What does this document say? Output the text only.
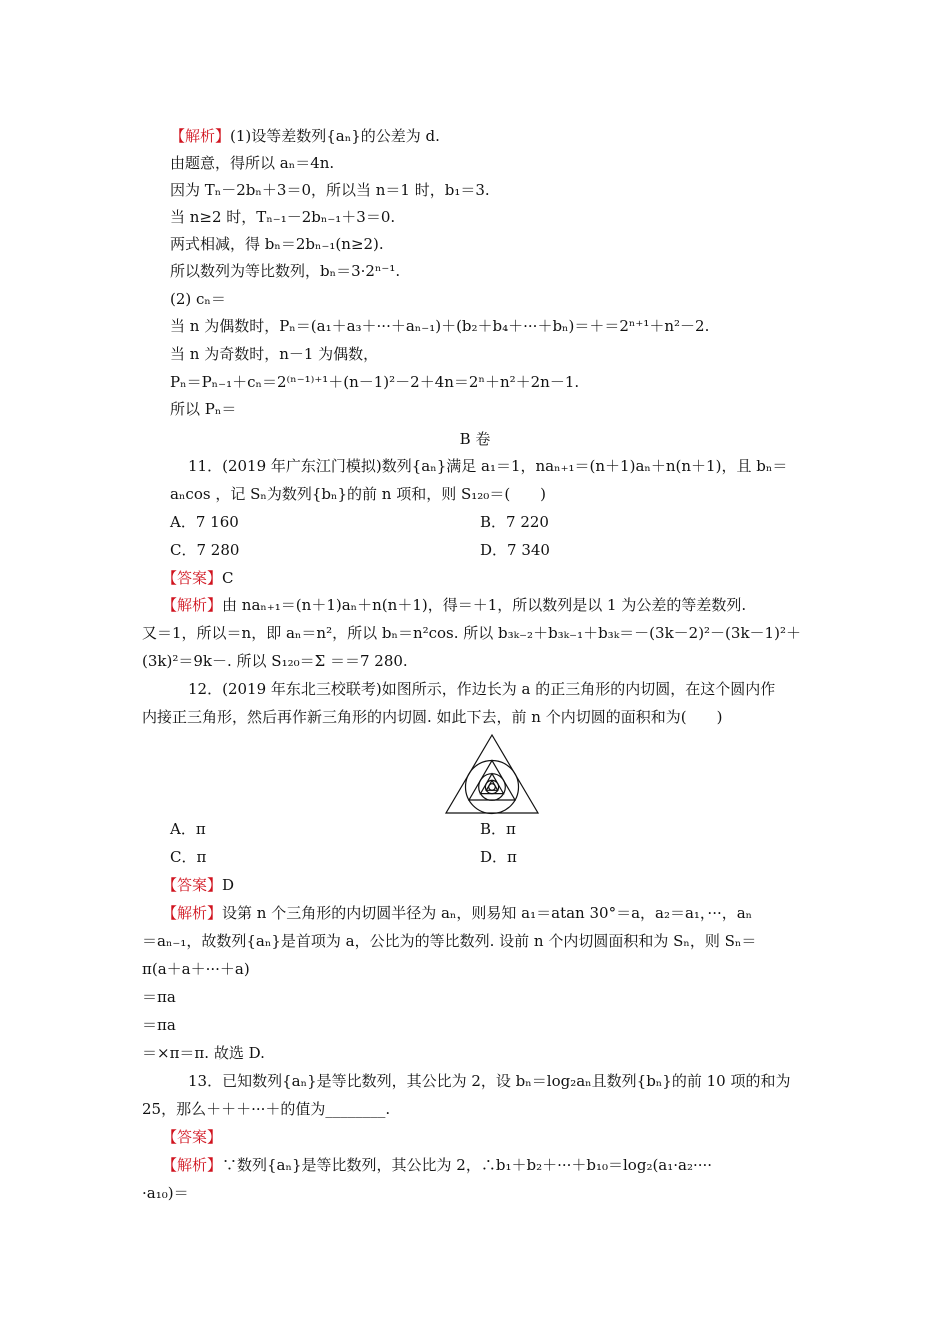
【解析】(1)设等差数列{aₙ}的公差为 d.
由题意，得所以 aₙ＝4n.
因为 Tₙ－2bₙ＋3＝0，所以当 n＝1 时，b₁＝3.
当 n≥2 时，Tₙ₋₁－2bₙ₋₁＋3＝0.
两式相减，得 bₙ＝2bₙ₋₁(n≥2).
所以数列为等比数列，bₙ＝3·2ⁿ⁻¹.
(2) cₙ＝
当 n 为偶数时，Pₙ＝(a₁＋a₃＋···＋aₙ₋₁)＋(b₂＋b₄＋···＋bₙ)＝＋＝2ⁿ⁺¹＋n²－2.
当 n 为奇数时，n－1 为偶数，
Pₙ＝Pₙ₋₁＋cₙ＝2⁽ⁿ⁻¹⁾⁺¹＋(n－1)²－2＋4n＝2ⁿ＋n²＋2n－1.
所以 Pₙ＝
B 卷
11．(2019 年广东江门模拟)数列{aₙ}满足 a₁＝1，naₙ₊₁＝(n＋1)aₙ＋n(n＋1)，且 bₙ＝
aₙcos ，记 Sₙ为数列{bₙ}的前 n 项和，则 S₁₂₀＝(　　)
A．7 160	B．7 220
C．7 280	D．7 340
【答案】C
【解析】由 naₙ₊₁＝(n＋1)aₙ＋n(n＋1)，得＝＋1，所以数列是以 1 为公差的等差数列.
又＝1，所以＝n，即 aₙ＝n²，所以 bₙ＝n²cos. 所以 b₃ₖ₋₂＋b₃ₖ₋₁＋b₃ₖ＝－(3k－2)²－(3k－1)²＋
(3k)²＝9k－. 所以 S₁₂₀＝Σ ＝＝7 280.
12．(2019 年东北三校联考)如图所示，作边长为 a 的正三角形的内切圆，在这个圆内作
内接正三角形，然后再作新三角形的内切圆. 如此下去，前 n 个内切圆的面积和为(　　)
A．π	B．π
C．π	D．π
【答案】D
【解析】设第 n 个三角形的内切圆半径为 aₙ，则易知 a₁＝atan 30°＝a，a₂＝a₁，···，aₙ
＝aₙ₋₁，故数列{aₙ}是首项为 a，公比为的等比数列. 设前 n 个内切圆面积和为 Sₙ，则 Sₙ＝
π(a＋a＋···＋a)
＝πa
＝πa
＝×π＝π. 故选 D.
13．已知数列{aₙ}是等比数列，其公比为 2，设 bₙ＝log₂aₙ且数列{bₙ}的前 10 项的和为
25，那么＋＋＋···＋的值为________.
【答案】
【解析】∵数列{aₙ}是等比数列，其公比为 2，∴b₁＋b₂＋···＋b₁₀＝log₂(a₁·a₂····
·a₁₀)＝
